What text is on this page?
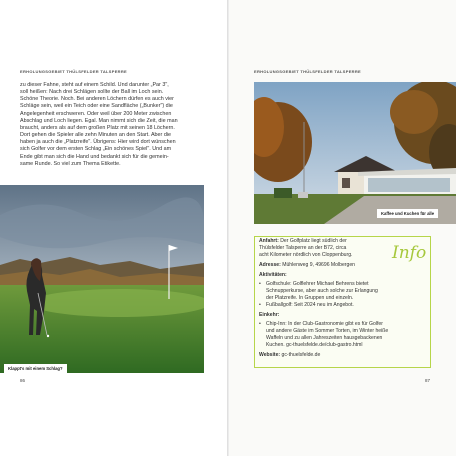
ERHOLUNGSGEBIET THÜLSFELDER TALSPERRE
zu dieser Fahne, steht auf einem Schild. Und darunter „Par 3",
soll heißen: Nach drei Schlägen sollte der Ball im Loch sein.
Schöne Theorie. Noch. Bei anderen Löchern dürfen es auch vier
Schläge sein, weil ein Teich oder eine Sandfläche („Bunker") die
Angelegenheit erschweren. Oder weil über 200 Meter zwischen
Abschlag und Loch liegen. Egal. Man nimmt sich die Zeit, die man
braucht, anders als auf dem großen Platz mit seinen 18 Löchern.
Dort gehen die Spieler alle zehn Minuten an den Start. Aber die
haben ja auch die „Platzreife". Übrigens: Hier wird dort wünschen
sich Golfer vor dem ersten Schlag „Ein schönes Spiel". Und am
Ende gibt man sich die Hand und bedankt sich für die gemein-
same Runde. So viel zum Thema Etikette.
Klappt's mit einem Schlag?
86
ERHOLUNGSGEBIET THÜLSFELDER TALSPERRE
Kaffee und Kuchen für alle
Info
Anfahrt: Der Golfplatz liegt südlich der
Thülsfelder Talsperre an der B72, circa
acht Kilometer nördlich von Cloppenburg.
Adresse: Mühlenweg 9, 49696 Molbergen
Aktivitäten:
•	Golfschule: Golflehrer Michael Behrens bietet
Schnupperkurse, aber auch solche zur Erlangung
der Platzreife. In Gruppen und einzeln.
•	Fußballgolf: Seit 2024 neu im Angebot.
Einkehr:
•	Chip-Inn: In der Club-Gastronomie gibt es für Golfer
und andere Gäste im Sommer Torten, im Winter heiße
Waffeln und zu allen Jahreszeiten hausgebackenen
Kuchen. gc-thuelsfelde.de/club-gastro.html
Website: gc-thuelsfelde.de
87
